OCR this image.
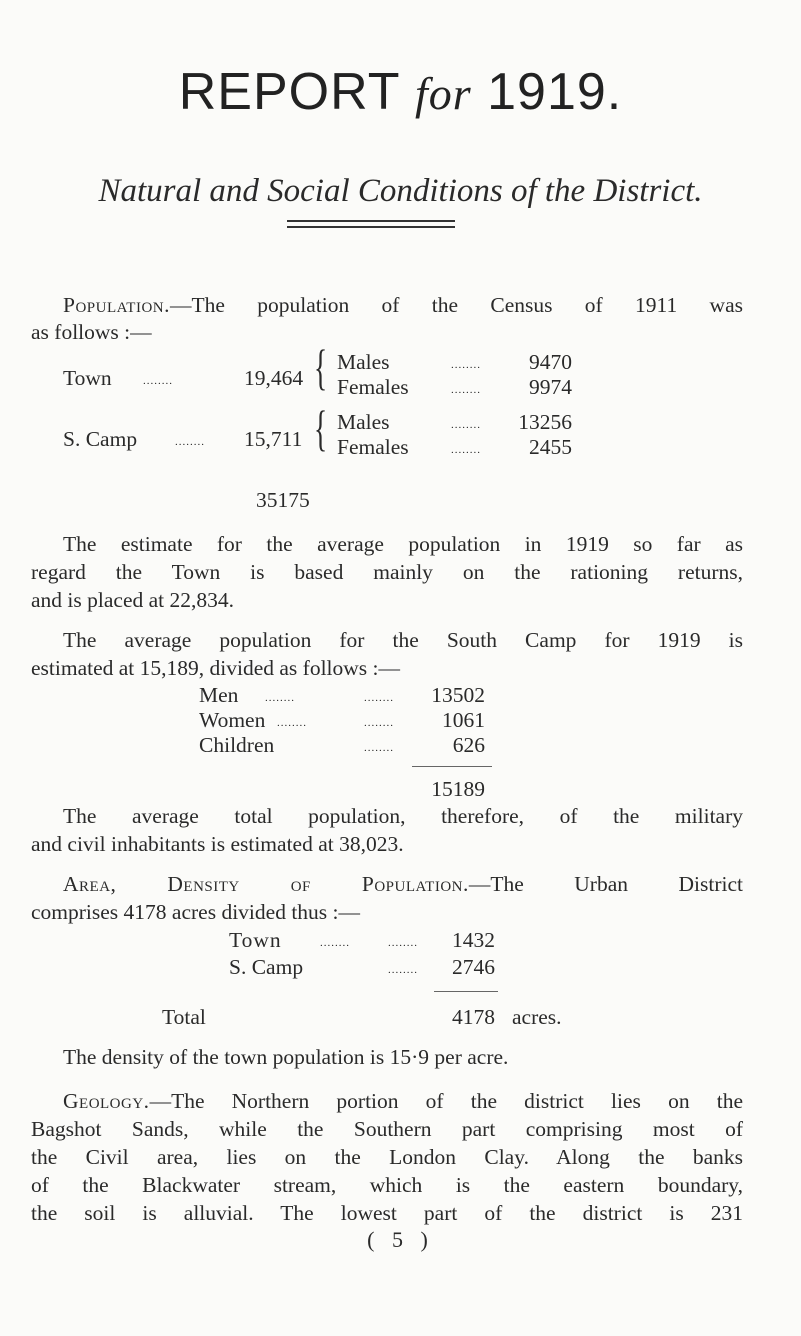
REPORT for 1919.
Natural and Social Conditions of the District.
Population.—The population of the Census of 1911 was
as follows :—
Town	........	19,464 { Males	........	9470
Females	........	9974
S. Camp	........ 15,711 { Males	........	13256
Females	........	2455
35175
The estimate for the average population in 1919 so far as
regard the Town is based mainly on the rationing returns,
and is placed at 22,834.
The average population for the South Camp for 1919 is
estimated at 15,189, divided as follows :—
Men ........	........	13502
Women ........	........	1061
Children	........	626
15189
The average total population, therefore, of the military
and civil inhabitants is estimated at 38,023.
Area, Density of Population.—The Urban District
comprises 4178 acres divided thus :—
Town	........	........	1432
S. Camp	........	2746
Total	4178 acres.
The density of the town population is 15·9 per acre.
Geology.—The Northern portion of the district lies on the
Bagshot Sands, while the Southern part comprising most of
the Civil area, lies on the London Clay. Along the banks
of the Blackwater stream, which is the eastern boundary,
the soil is alluvial. The lowest part of the district is 231
( 5 )
